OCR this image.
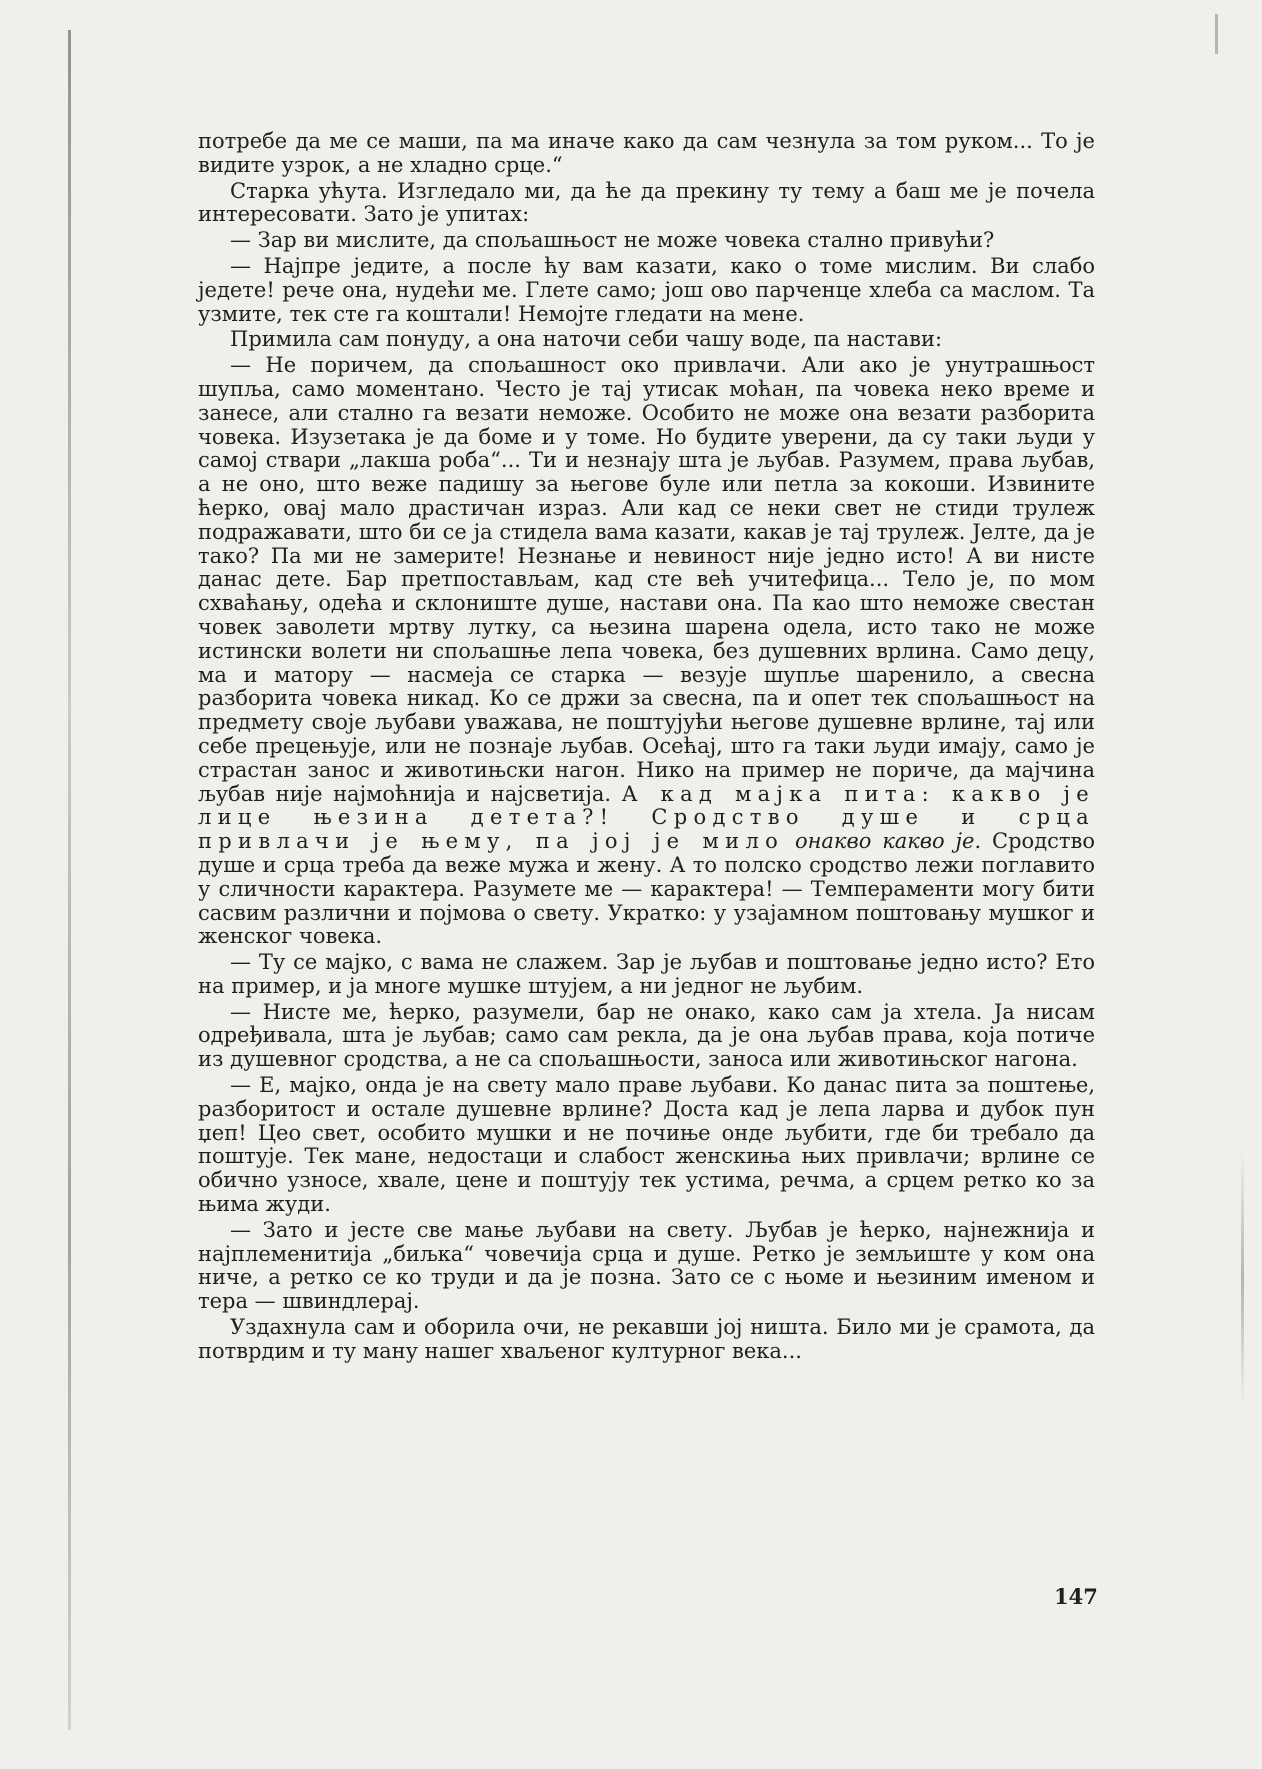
потребе да ме се маши, па ма иначе како да сам чезнула за том руком... То је видите узрок, а не хладно срце.“

Старка ућута. Изгледало ми, да ће да прекину ту тему а баш ме је почела интересовати. Зато је упитах:

— Зар ви мислите, да спољашњост не може човека стално привући?

— Најпре једите, а после ћу вам казати, како о томе мислим. Ви слабо једете! рече она, нудећи ме. Глете само; још ово парченце хлеба са маслом. Та узмите, тек сте га коштали! Немојте гледати на мене.

Примила сам понуду, а она наточи себи чашу воде, па настави:

— Не поричем, да спољашност око привлачи. Али ако је унутрашњост шупља, само моментано. Често је тај утисак моћан, па човека неко време и занесе, али стално га везати неможе. Особито не може она везати разборита човека. Изузетака је да боме и у томе. Но будите уверени, да су таки људи у самој ствари „лакша роба“... Ти и незнају шта је љубав. Разумем, права љубав, а не оно, што веже падишу за његове буле или петла за кокоши. Извините ћерко, овај мало драстичан израз. Али кад се неки свет не стиди трулеж подражавати, што би се ја стидела вама казати, какав је тај трулеж. Јелте, да је тако? Па ми не замерите! Незнање и невиност није једно исто! А ви нисте данас дете. Бар претпостављам, кад сте већ учитефица... Тело је, по мом схваћању, одећа и склониште душе, настави она. Па као што неможе свестан човек заволети мртву лутку, са њезина шарена одела, исто тако не може истински волети ни спољашње лепа човека, без душевних врлина. Само децу, ма и матору — насмеја се старка — везује шупље шаренило, а свесна разборита човека никад. Ко се држи за свесна, па и опет тек спољашњост на предмету своје љубави уважава, не поштујући његове душевне врлине, тај или себе прецењује, или не познаје љубав. Осећај, што га таки људи имају, само је страстан занос и животињски нагон. Нико на пример не пориче, да мајчина љубав није најмоћнија и најсветија. А кад мајка пита: какво је лице њезина детета?! Сродство душе и срца привлачи је њему, па јој је мило онакво какво је. Сродство душе и срца треба да веже мужа и жену. А то полско сродство лежи поглавито у сличности карактера. Разумете ме — карактера! — Темпераменти могу бити сасвим различни и појмова о свету. Укратко: у узајамном поштовању мушког и женског човека.

— Ту се мајко, с вама не слажем. Зар је љубав и поштовање једно исто? Ето на пример, и ја многе мушке штујем, а ни једног не љубим.

— Нисте ме, ћерко, разумели, бар не онако, како сам ја хтела. Ја нисам одређивала, шта је љубав; само сам рекла, да је она љубав права, која потиче из душевног сродства, а не са спољашњости, заноса или животињског нагона.

— Е, мајко, онда је на свету мало праве љубави. Ко данас пита за поштење, разборитост и остале душевне врлине? Доста кад је лепа ларва и дубок пун џеп! Цео свет, особито мушки и не почиње онде љубити, где би требало да поштује. Тек мане, недостаци и слабост женскиња њих привлачи; врлине се обично узносе, хвале, цене и поштују тек устима, речма, а срцем ретко ко за њима жуди.

— Зато и јесте све мање љубави на свету. Љубав је ћерко, најнежнија и најплеменитија „биљка“ човечија срца и душе. Ретко је земљиште у ком она ниче, а ретко се ко труди и да је позна. Зато се с њоме и њезиним именом и тера — швиндлерај.

Уздахнула сам и оборила очи, не рекавши јој ништа. Било ми је срамота, да потврдим и ту ману нашег хваљеног културног века...

147
